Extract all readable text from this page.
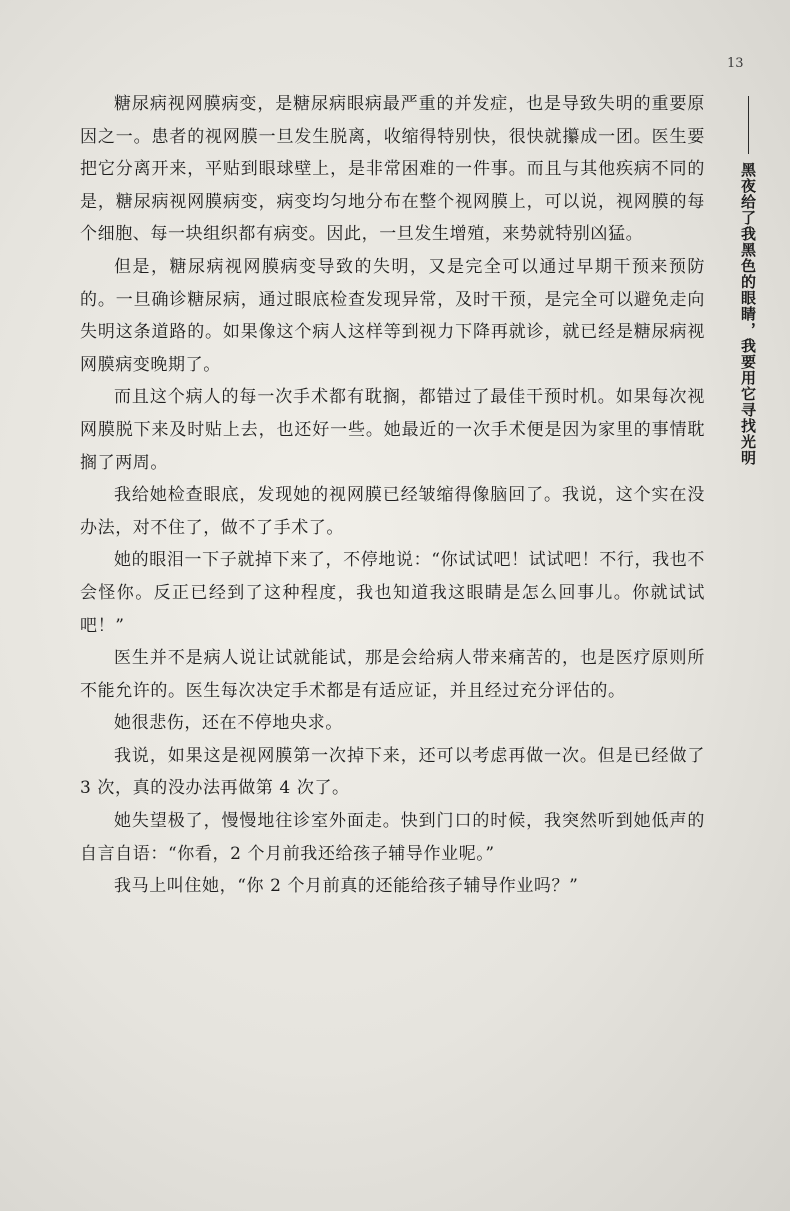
13

糖尿病视网膜病变，是糖尿病眼病最严重的并发症，也是导致失明的重要原因之一。患者的视网膜一旦发生脱离，收缩得特别快，很快就攥成一团。医生要把它分离开来，平贴到眼球壁上，是非常困难的一件事。而且与其他疾病不同的是，糖尿病视网膜病变，病变均匀地分布在整个视网膜上，可以说，视网膜的每个细胞、每一块组织都有病变。因此，一旦发生增殖，来势就特别凶猛。

但是，糖尿病视网膜病变导致的失明，又是完全可以通过早期干预来预防的。一旦确诊糖尿病，通过眼底检查发现异常，及时干预，是完全可以避免走向失明这条道路的。如果像这个病人这样等到视力下降再就诊，就已经是糖尿病视网膜病变晚期了。

而且这个病人的每一次手术都有耽搁，都错过了最佳干预时机。如果每次视网膜脱下来及时贴上去，也还好一些。她最近的一次手术便是因为家里的事情耽搁了两周。

我给她检查眼底，发现她的视网膜已经皱缩得像脑回了。我说，这个实在没办法，对不住了，做不了手术了。

她的眼泪一下子就掉下来了，不停地说：“你试试吧！试试吧！不行，我也不会怪你。反正已经到了这种程度，我也知道我这眼睛是怎么回事儿。你就试试吧！”

医生并不是病人说让试就能试，那是会给病人带来痛苦的，也是医疗原则所不能允许的。医生每次决定手术都是有适应证，并且经过充分评估的。

她很悲伤，还在不停地央求。

我说，如果这是视网膜第一次掉下来，还可以考虑再做一次。但是已经做了 3 次，真的没办法再做第 4 次了。

她失望极了，慢慢地往诊室外面走。快到门口的时候，我突然听到她低声的自言自语：“你看，2 个月前我还给孩子辅导作业呢。”

我马上叫住她，“你 2 个月前真的还能给孩子辅导作业吗？”

黑夜给了我黑色的眼睛，我要用它寻找光明
